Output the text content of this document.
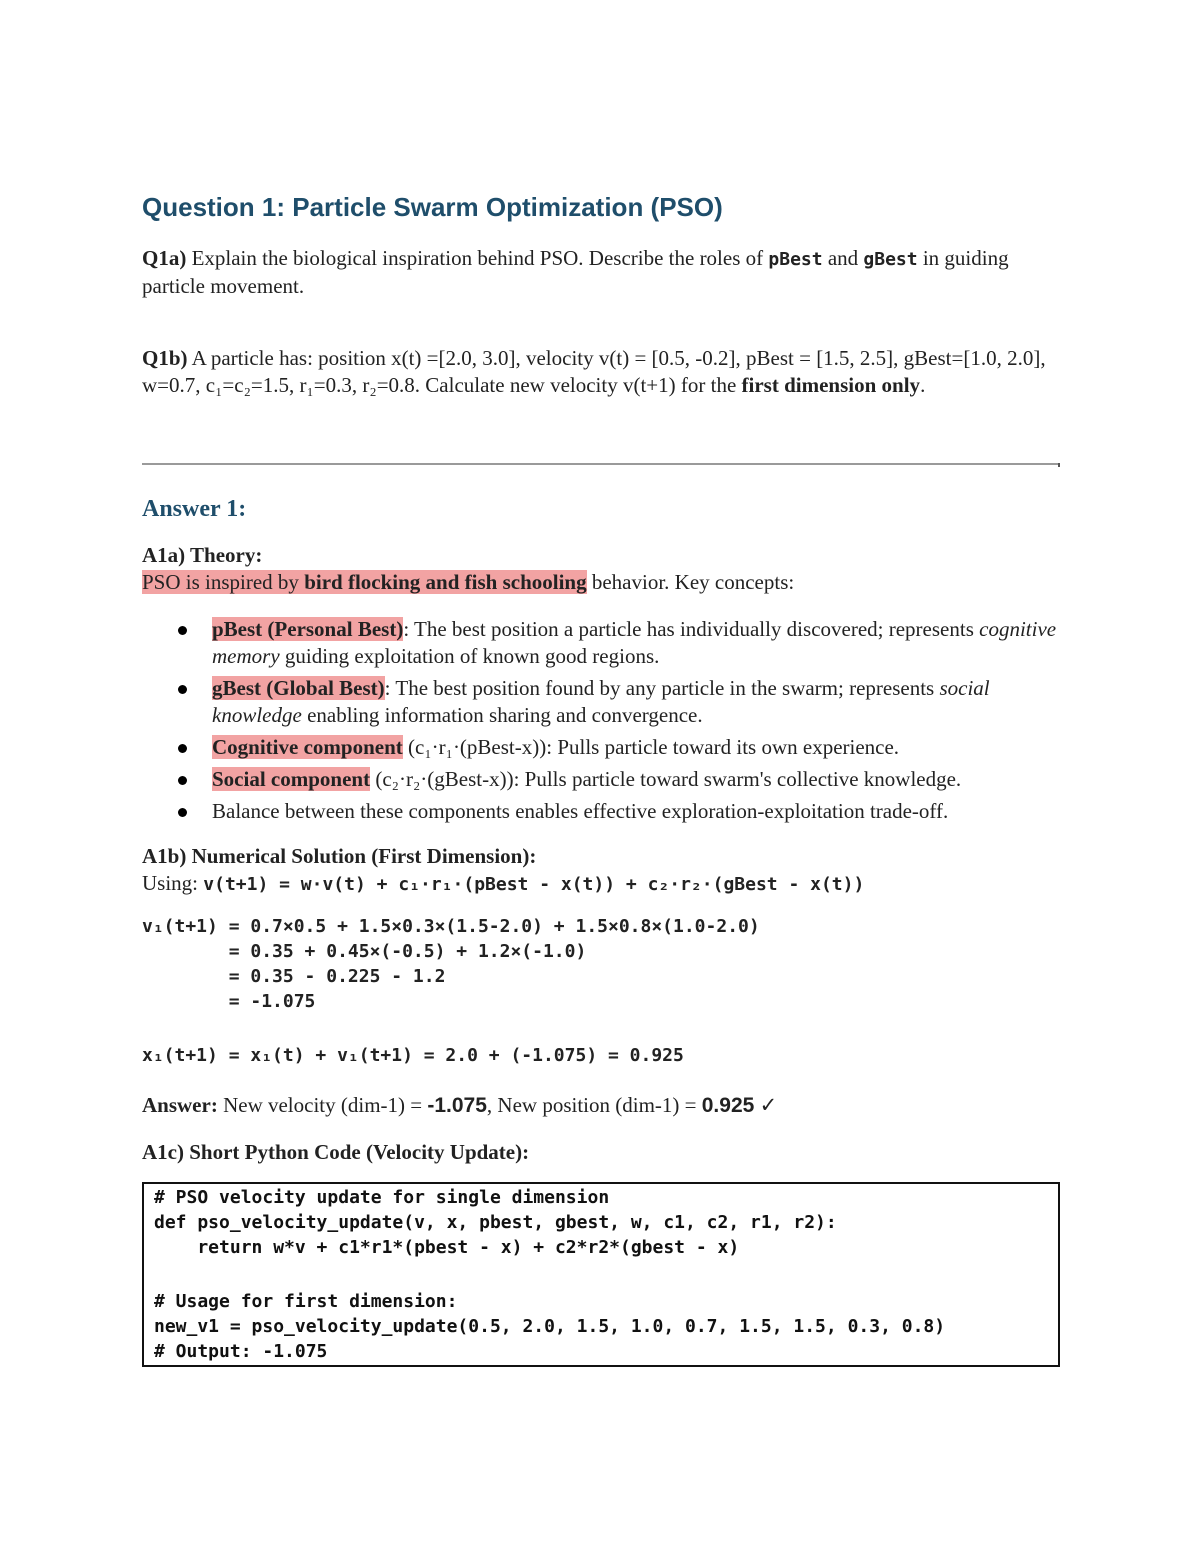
Question 1: Particle Swarm Optimization (PSO)

Q1a) Explain the biological inspiration behind PSO. Describe the roles of pBest and gBest in guiding particle movement.

Q1b) A particle has: position x(t) =[2.0, 3.0], velocity v(t) = [0.5, -0.2], pBest = [1.5, 2.5], gBest=[1.0, 2.0], w=0.7, c₁=c₂=1.5, r₁=0.3, r₂=0.8. Calculate new velocity v(t+1) for the first dimension only.

Answer 1:

A1a) Theory:

PSO is inspired by bird flocking and fish schooling behavior. Key concepts:

pBest (Personal Best): The best position a particle has individually discovered; represents cognitive memory guiding exploitation of known good regions.
gBest (Global Best): The best position found by any particle in the swarm; represents social knowledge enabling information sharing and convergence.
Cognitive component (c₁·r₁·(pBest-x)): Pulls particle toward its own experience.
Social component (c₂·r₂·(gBest-x)): Pulls particle toward swarm's collective knowledge.
Balance between these components enables effective exploration-exploitation trade-off.

A1b) Numerical Solution (First Dimension):

Using: v(t+1) = w·v(t) + c₁·r₁·(pBest - x(t)) + c₂·r₂·(gBest - x(t))

v₁(t+1) = 0.7×0.5 + 1.5×0.3×(1.5-2.0) + 1.5×0.8×(1.0-2.0)
= 0.35 + 0.45×(-0.5) + 1.2×(-1.0)
= 0.35 - 0.225 - 1.2
= -1.075
x₁(t+1) = x₁(t) + v₁(t+1) = 2.0 + (-1.075) = 0.925

Answer: New velocity (dim-1) = -1.075, New position (dim-1) = 0.925 ✓

A1c) Short Python Code (Velocity Update):

# PSO velocity update for single dimension
def pso_velocity_update(v, x, pbest, gbest, w, c1, c2, r1, r2):
return w*v + c1*r1*(pbest - x) + c2*r2*(gbest - x)
# Usage for first dimension:
new_v1 = pso_velocity_update(0.5, 2.0, 1.5, 1.0, 0.7, 1.5, 1.5, 0.3, 0.8)
# Output: -1.075
